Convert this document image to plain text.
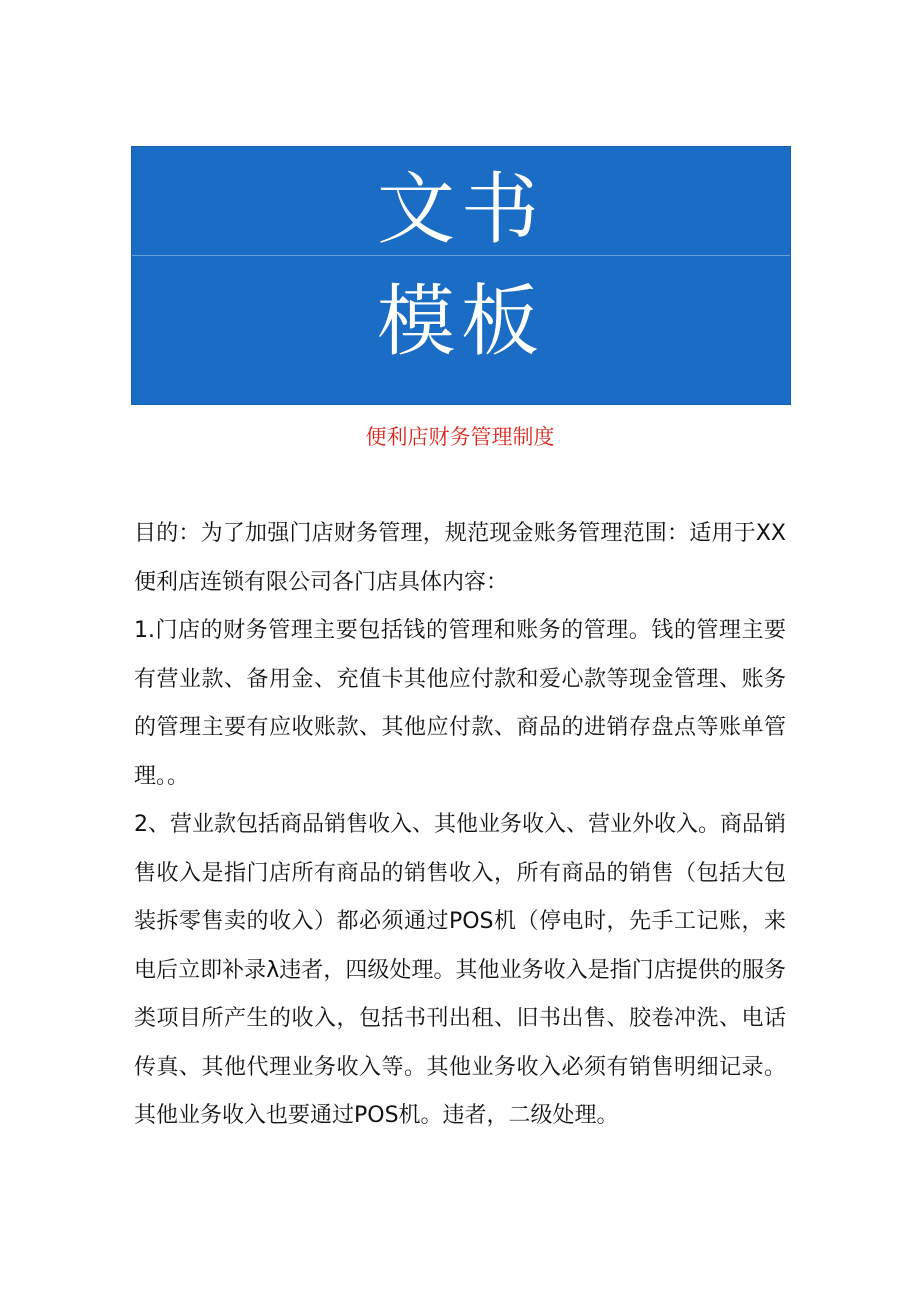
文书
模板
便利店财务管理制度

目的：为了加强门店财务管理，规范现金账务管理范围：适用于XX便利店连锁有限公司各门店具体内容：

1.门店的财务管理主要包括钱的管理和账务的管理。钱的管理主要有营业款、备用金、充值卡其他应付款和爱心款等现金管理、账务的管理主要有应收账款、其他应付款、商品的进销存盘点等账单管理。。

2、营业款包括商品销售收入、其他业务收入、营业外收入。商品销售收入是指门店所有商品的销售收入，所有商品的销售（包括大包装拆零售卖的收入）都必须通过POS机（停电时，先手工记账，来电后立即补录λ违者，四级处理。其他业务收入是指门店提供的服务类项目所产生的收入，包括书刊出租、旧书出售、胶卷冲洗、电话传真、其他代理业务收入等。其他业务收入必须有销售明细记录。其他业务收入也要通过POS机。违者，二级处理。
